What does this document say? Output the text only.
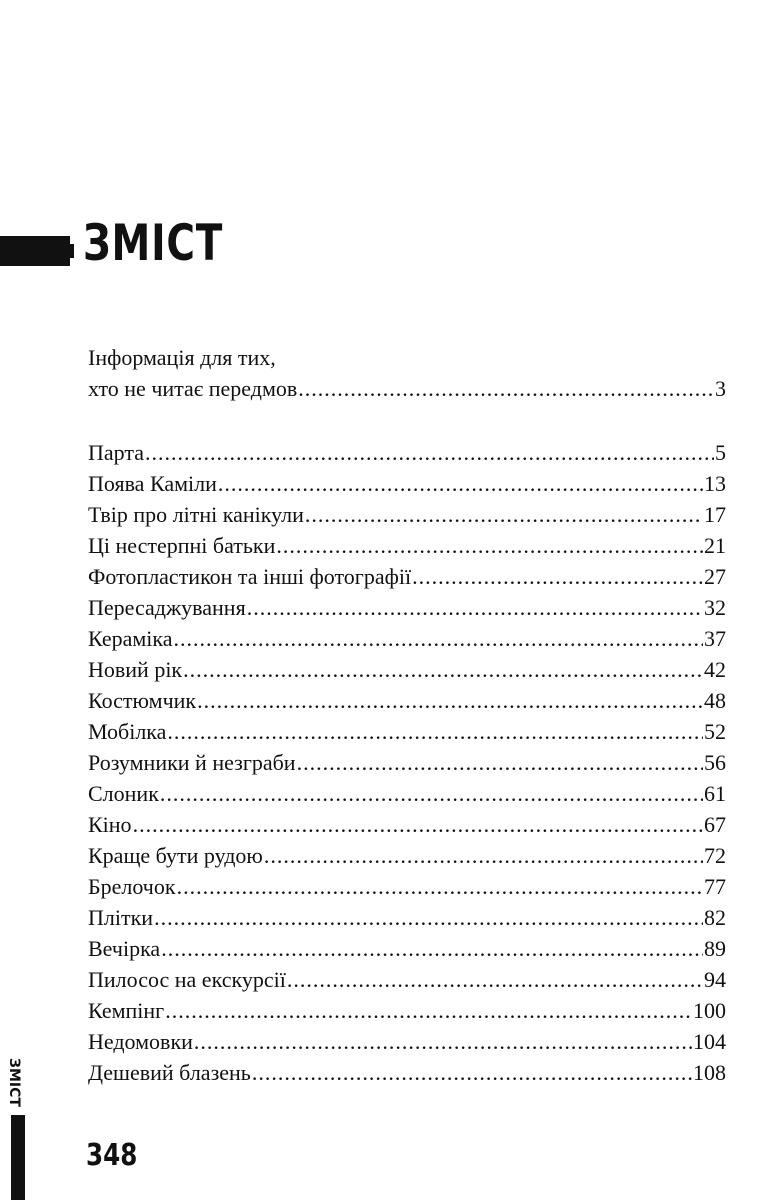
ЗМІСТ
Інформація для тих,
хто не читає передмов .....	3
Парта .....	5
Поява Каміли .....	13
Твір про літні канікули .....	17
Ці нестерпні батьки .....	21
Фотопластикон та інші фотографії .....	27
Пересаджування .....	32
Кераміка .....	37
Новий рік .....	42
Костюмчик .....	48
Мобілка .....	52
Розумники й незграби .....	56
Слоник .....	61
Кіно .....	67
Краще бути рудою .....	72
Брелочок .....	77
Плітки .....	82
Вечірка .....	89
Пилосос на екскурсії .....	94
Кемпінг .....	100
Недомовки .....	104
Дешевий блазень .....	108
ЗМІСТ
348
